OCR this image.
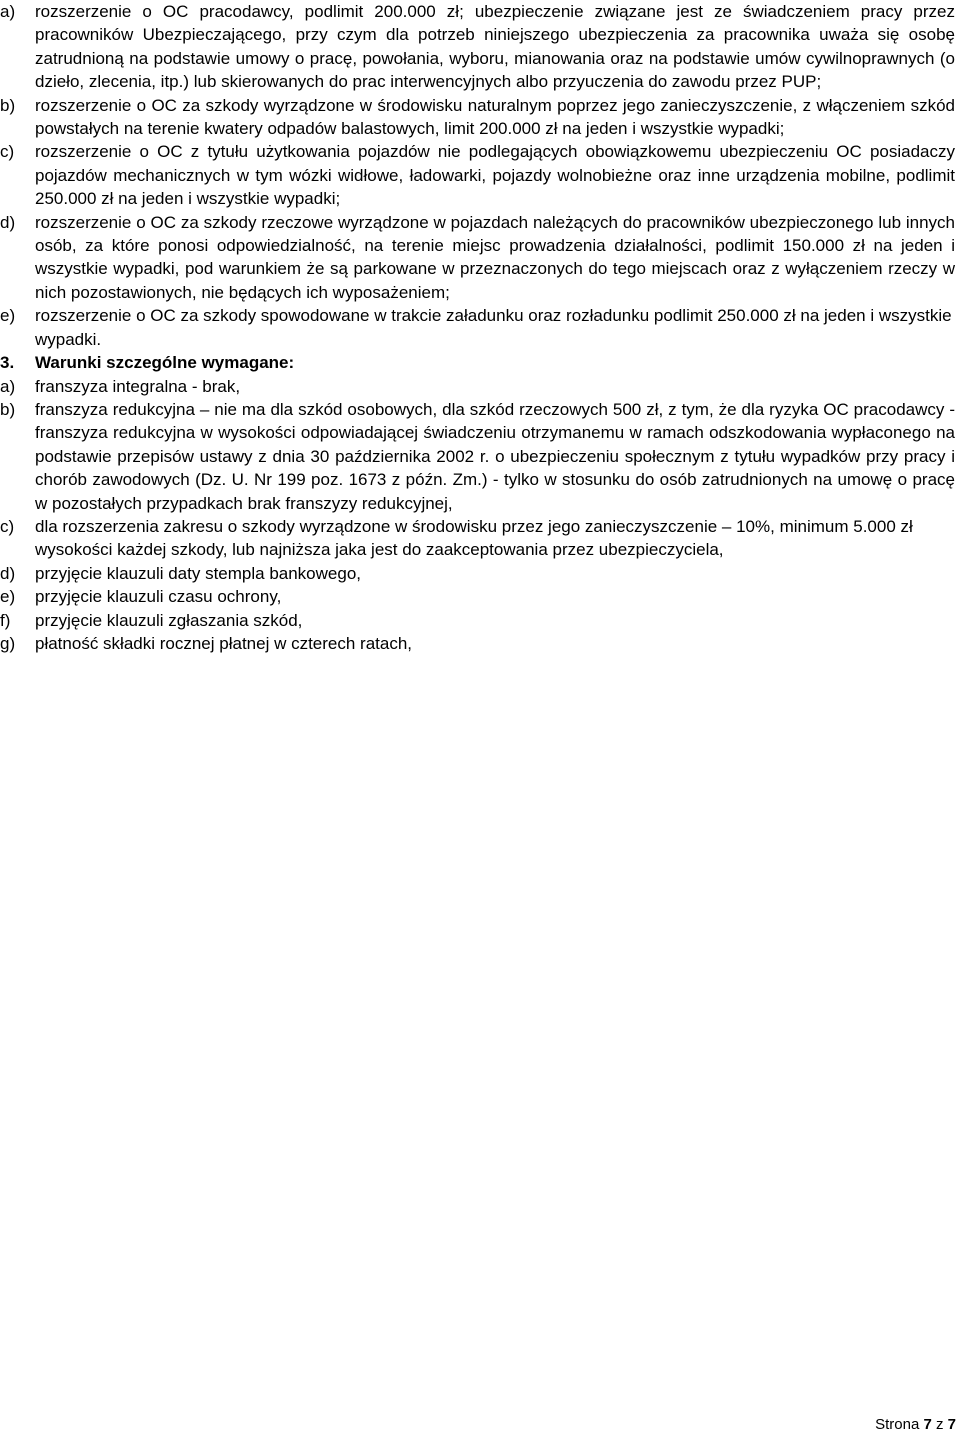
a)	rozszerzenie o OC pracodawcy, podlimit 200.000 zł; ubezpieczenie związane jest ze świadczeniem pracy przez pracowników Ubezpieczającego, przy czym dla potrzeb niniejszego ubezpieczenia za pracownika uważa się osobę zatrudnioną na podstawie umowy o pracę, powołania, wyboru, mianowania oraz na podstawie umów cywilnoprawnych (o dzieło, zlecenia, itp.) lub skierowanych do prac interwencyjnych albo przyuczenia do zawodu przez PUP;
b)	rozszerzenie o OC za szkody wyrządzone w środowisku naturalnym poprzez jego zanieczyszczenie, z włączeniem szkód powstałych na terenie kwatery odpadów balastowych, limit 200.000 zł na jeden i wszystkie wypadki;
c)	rozszerzenie o OC z tytułu użytkowania pojazdów nie podlegających obowiązkowemu ubezpieczeniu OC posiadaczy pojazdów mechanicznych w tym wózki widłowe, ładowarki, pojazdy wolnobieżne oraz inne urządzenia mobilne, podlimit 250.000 zł na jeden i wszystkie wypadki;
d)	rozszerzenie o OC za szkody rzeczowe wyrządzone w pojazdach należących do pracowników ubezpieczonego lub innych osób, za które ponosi odpowiedzialność, na terenie miejsc prowadzenia działalności, podlimit 150.000 zł na jeden i wszystkie wypadki, pod warunkiem że są parkowane w przeznaczonych do tego miejscach oraz z wyłączeniem rzeczy w nich pozostawionych, nie będących ich wyposażeniem;
e)	rozszerzenie o OC za szkody spowodowane w trakcie załadunku oraz rozładunku podlimit 250.000 zł na jeden i wszystkie wypadki.
3.	Warunki szczególne wymagane:
a)	franszyza integralna - brak,
b)	franszyza redukcyjna – nie ma dla szkód osobowych, dla szkód rzeczowych 500 zł, z tym, że dla ryzyka OC pracodawcy - franszyza redukcyjna w wysokości odpowiadającej świadczeniu otrzymanemu w ramach odszkodowania wypłaconego na podstawie przepisów ustawy z dnia 30 października 2002 r. o ubezpieczeniu społecznym z tytułu wypadków przy pracy i chorób zawodowych (Dz. U. Nr 199 poz. 1673 z późn. Zm.) - tylko w stosunku do osób zatrudnionych na umowę o pracę w pozostałych przypadkach brak franszyzy redukcyjnej,
c)	dla rozszerzenia zakresu o szkody wyrządzone w środowisku przez jego zanieczyszczenie – 10%, minimum 5.000 zł wysokości każdej szkody, lub najniższa jaka jest do zaakceptowania przez ubezpieczyciela,
d)	przyjęcie klauzuli daty stempla bankowego,
e)	przyjęcie klauzuli czasu ochrony,
f)	przyjęcie klauzuli zgłaszania szkód,
g)	płatność składki rocznej płatnej w czterech ratach,
Strona 7 z 7
